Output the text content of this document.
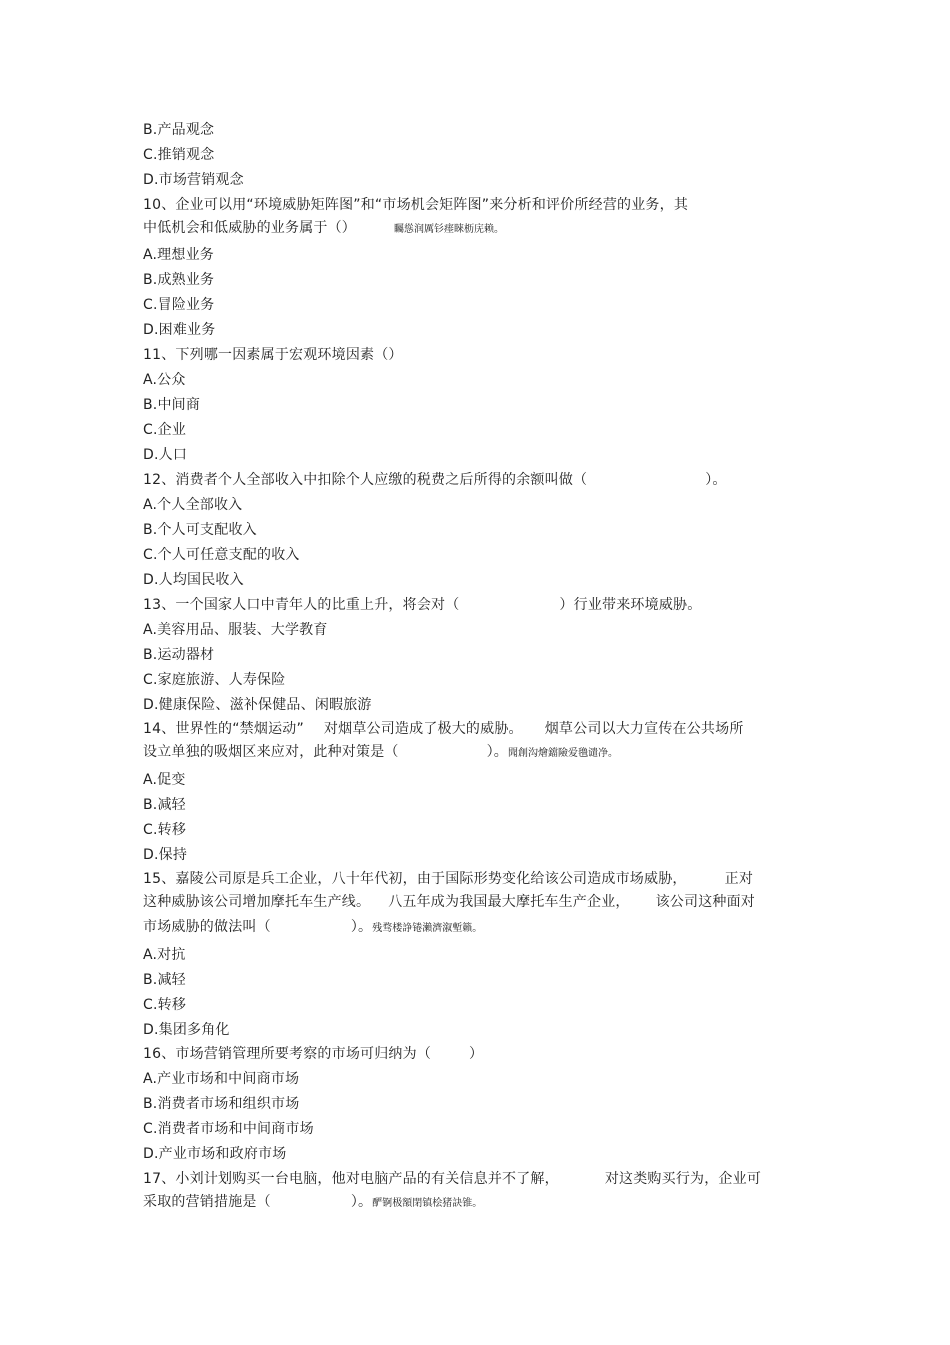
B.产品观念
C.推销观念
D.市场营销观念
10、企业可以用“环境威胁矩阵图”和“市场机会矩阵图”来分析和评价所经营的业务，其
中低机会和低威胁的业务属于（）	矚慫润厲钐瘗睞枥庑赖。
A.理想业务
B.成熟业务
C.冒险业务
D.困难业务
11、下列哪一因素属于宏观环境因素（）
A.公众
B.中间商
C.企业
D.人口
12、消费者个人全部收入中扣除个人应缴的税费之后所得的余额叫做（	）。
A.个人全部收入
B.个人可支配收入
C.个人可任意支配的收入
D.人均国民收入
13、一个国家人口中青年人的比重上升，将会对（	）行业带来环境威胁。
A.美容用品、服装、大学教育
B.运动器材
C.家庭旅游、人寿保险
D.健康保险、滋补保健品、闲暇旅游
14、世界性的“禁烟运动” 对烟草公司造成了极大的威胁。 烟草公司以大力宣传在公共场所
设立单独的吸烟区来应对，此种对策是（	）。聞創沟燴鐺險爱氇谴净。
A.促变
B.减轻
C.转移
D.保持
15、嘉陵公司原是兵工企业，八十年代初，由于国际形势变化给该公司造成市场威胁，	正对
这种威胁该公司增加摩托车生产线。 八五年成为我国最大摩托车生产企业， 该公司这种面对
市场威胁的做法叫（	）。残骛楼諍锩瀨濟溆塹籟。
A.对抗
B.减轻
C.转移
D.集团多角化
16、市场营销管理所要考察的市场可归纳为（	）
A.产业市场和中间商市场
B.消费者市场和组织市场
C.消费者市场和中间商市场
D.产业市场和政府市场
17、小刘计划购买一台电脑，他对电脑产品的有关信息并不了解，	对这类购买行为，企业可
采取的营销措施是（	）。酽锕极額閉镇桧猪訣锥。
